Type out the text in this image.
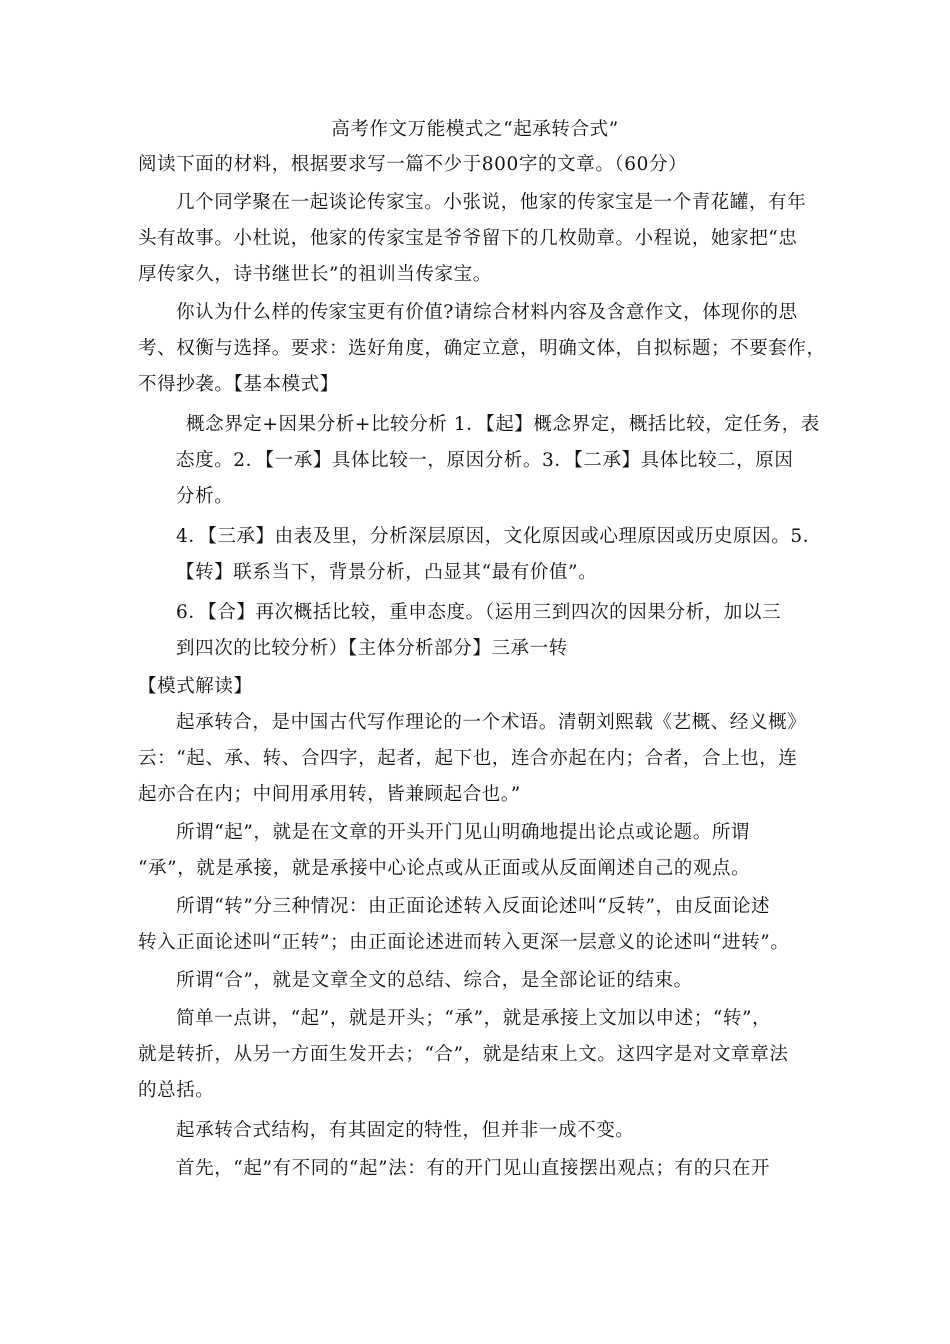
高考作文万能模式之“起承转合式”
阅读下面的材料，根据要求写一篇不少于800字的文章。（60分）
几个同学聚在一起谈论传家宝。小张说，他家的传家宝是一个青花罐，有年
头有故事。小杜说，他家的传家宝是爷爷留下的几枚勋章。小程说，她家把“忠
厚传家久，诗书继世长”的祖训当传家宝。
你认为什么样的传家宝更有价值?请综合材料内容及含意作文，体现你的思
考、权衡与选择。要求：选好角度，确定立意，明确文体，自拟标题；不要套作，
不得抄袭。【基本模式】
概念界定+因果分析+比较分析 1．【起】概念界定，概括比较，定任务，表
态度。2．【一承】具体比较一，原因分析。3．【二承】具体比较二，原因
分析。
4．【三承】由表及里，分析深层原因，文化原因或心理原因或历史原因。5．
【转】联系当下，背景分析，凸显其“最有价值”。
6．【合】再次概括比较，重申态度。（运用三到四次的因果分析，加以三
到四次的比较分析）【主体分析部分】三承一转
【模式解读】
起承转合，是中国古代写作理论的一个术语。清朝刘熙载《艺概、经义概》
云：“起、承、转、合四字，起者，起下也，连合亦起在内；合者，合上也，连
起亦合在内；中间用承用转，皆兼顾起合也。”
所谓“起”，就是在文章的开头开门见山明确地提出论点或论题。所谓
“承”，就是承接，就是承接中心论点或从正面或从反面阐述自己的观点。
所谓“转”分三种情况：由正面论述转入反面论述叫“反转”，由反面论述
转入正面论述叫“正转”；由正面论述进而转入更深一层意义的论述叫“进转”。
所谓“合”，就是文章全文的总结、综合，是全部论证的结束。
简单一点讲，“起”，就是开头；“承”，就是承接上文加以申述；“转”，
就是转折，从另一方面生发开去；“合”，就是结束上文。这四字是对文章章法
的总括。
起承转合式结构，有其固定的特性，但并非一成不变。
首先，“起”有不同的“起”法：有的开门见山直接摆出观点；有的只在开
